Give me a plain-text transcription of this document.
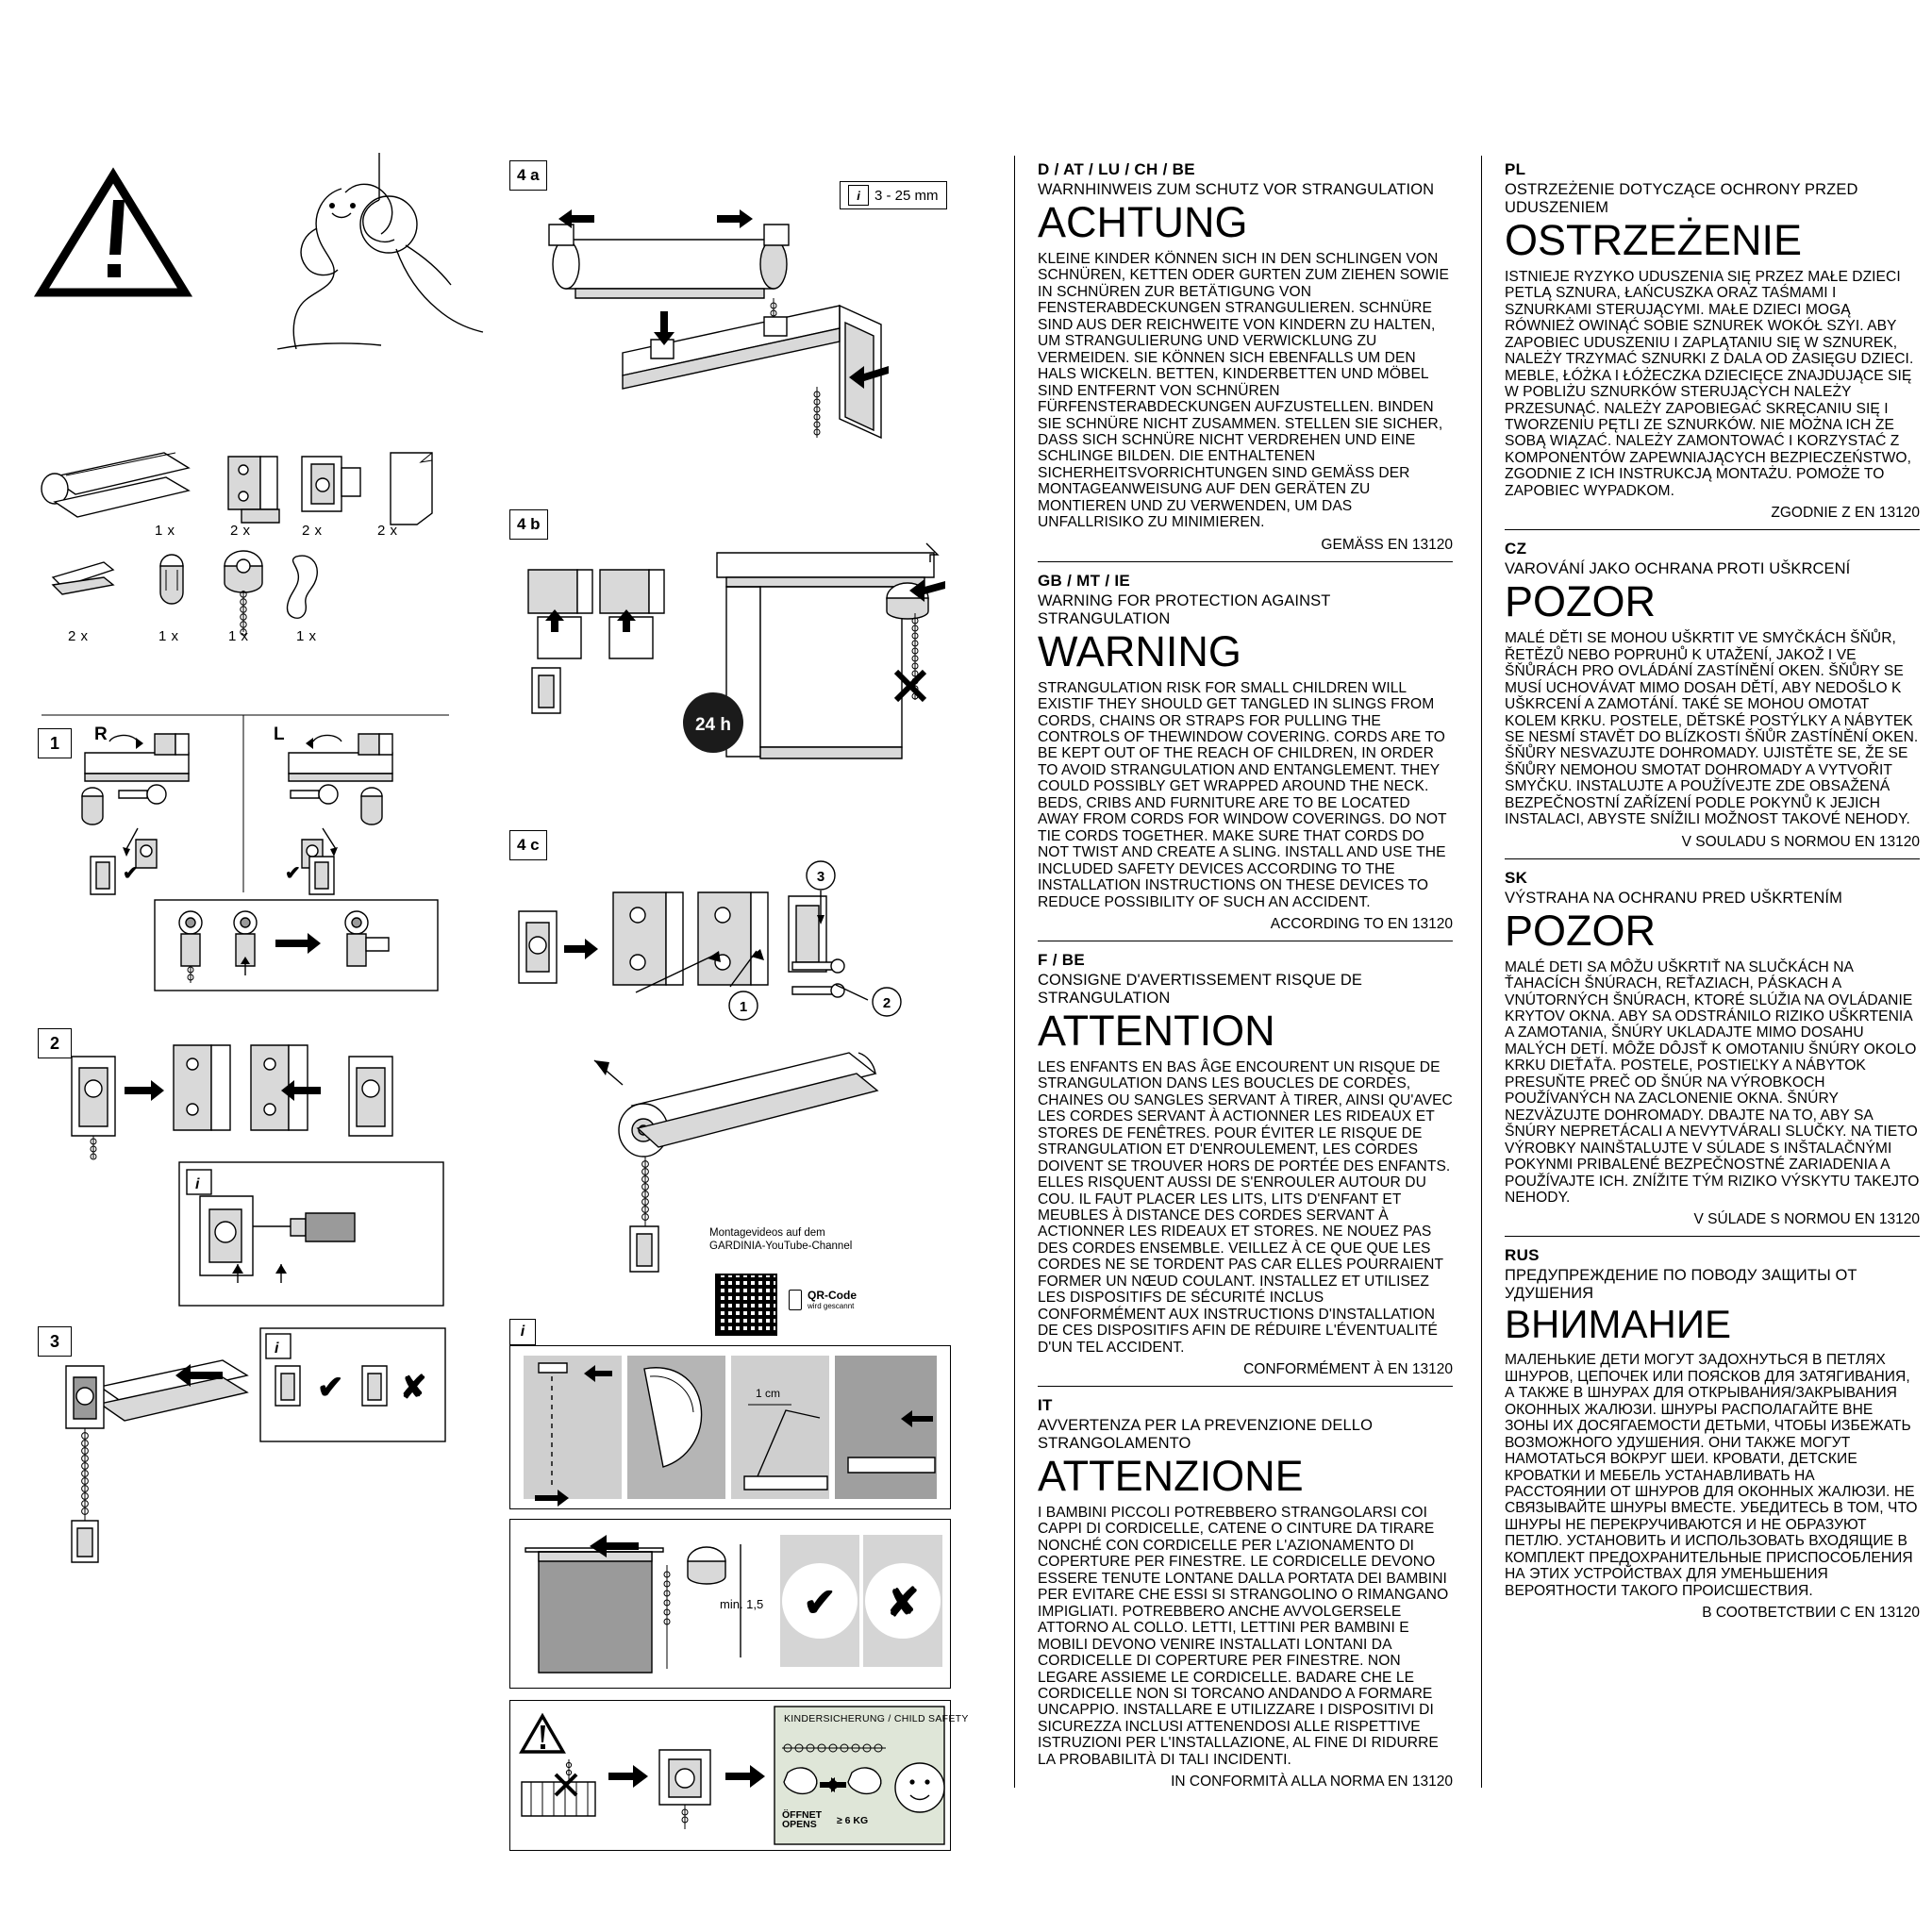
1 x	2 x	2 x	2 x
2 x	1 x	1 x	1 x
1	R	L
✔	✔
2
i
3	i
✔ ✘
4 a
i	3 - 25 mm
4 b
24 h
4 c
1	2
3
Montagevideos auf dem
GARDINIA-YouTube-Channel
QR-Code
wird gescannt
i
1 cm
min. 1,5 ✔ ✘
KINDERSICHERUNG / CHILD SAFETY
ÖFFNET
OPENS ≥ 6 KG
D / AT / LU / CH / BE
WARNHINWEIS ZUM SCHUTZ VOR STRANGULATION
ACHTUNG
KLEINE KINDER KÖNNEN SICH IN DEN SCHLINGEN VON SCHNÜREN, KETTEN ODER GURTEN ZUM ZIEHEN SOWIE IN SCHNÜREN ZUR BETÄTIGUNG VON FENSTERABDECKUNGEN STRANGULIEREN. SCHNÜRE SIND AUS DER REICHWEITE VON KINDERN ZU HALTEN, UM STRANGULIERUNG UND VERWICKLUNG ZU VERMEIDEN. SIE KÖNNEN SICH EBENFALLS UM DEN HALS WICKELN. BETTEN, KINDERBETTEN UND MÖBEL SIND ENTFERNT VON SCHNÜREN FÜRFENSTERABDECKUNGEN AUFZUSTELLEN. BINDEN SIE SCHNÜRE NICHT ZUSAMMEN. STELLEN SIE SICHER, DASS SICH SCHNÜRE NICHT VERDREHEN UND EINE SCHLINGE BILDEN. DIE ENTHALTENEN SICHERHEITSVORRICHTUNGEN SIND GEMÄSS DER MONTAGEANWEISUNG AUF DEN GERÄTEN ZU MONTIEREN UND ZU VERWENDEN, UM DAS UNFALLRISIKO ZU MINIMIEREN.
GEMÄSS EN 13120
GB / MT / IE
WARNING FOR PROTECTION AGAINST STRANGULATION
WARNING
STRANGULATION RISK FOR SMALL CHILDREN WILL EXISTIF THEY SHOULD GET TANGLED IN SLINGS FROM CORDS, CHAINS OR STRAPS FOR PULLING THE CONTROLS OF THEWINDOW COVERING. CORDS ARE TO BE KEPT OUT OF THE REACH OF CHILDREN, IN ORDER TO AVOID STRANGULATION AND ENTANGLEMENT. THEY COULD POSSIBLY GET WRAPPED AROUND THE NECK. BEDS, CRIBS AND FURNITURE ARE TO BE LOCATED AWAY FROM CORDS FOR WINDOW COVERINGS. DO NOT TIE CORDS TOGETHER. MAKE SURE THAT CORDS DO NOT TWIST AND CREATE A SLING. INSTALL AND USE THE INCLUDED SAFETY DEVICES ACCORDING TO THE INSTALLATION INSTRUCTIONS ON THESE DEVICES TO REDUCE POSSIBILITY OF SUCH AN ACCIDENT.
ACCORDING TO EN 13120
F / BE
CONSIGNE D'AVERTISSEMENT RISQUE DE STRANGULATION
ATTENTION
LES ENFANTS EN BAS ÂGE ENCOURENT UN RISQUE DE STRANGULATION DANS LES BOUCLES DE CORDES, CHAINES OU SANGLES SERVANT À TIRER, AINSI QU'AVEC LES CORDES SERVANT À ACTIONNER LES RIDEAUX ET STORES DE FENÊTRES. POUR ÉVITER LE RISQUE DE STRANGULATION ET D'ENROULEMENT, LES CORDES DOIVENT SE TROUVER HORS DE PORTÉE DES ENFANTS. ELLES RISQUENT AUSSI DE S'ENROULER AUTOUR DU COU. IL FAUT PLACER LES LITS, LITS D'ENFANT ET MEUBLES À DISTANCE DES CORDES SERVANT À ACTIONNER LES RIDEAUX ET STORES. NE NOUEZ PAS DES CORDES ENSEMBLE. VEILLEZ À CE QUE QUE LES CORDES NE SE TORDENT PAS CAR ELLES POURRAIENT FORMER UN NŒUD COULANT. INSTALLEZ ET UTILISEZ LES DISPOSITIFS DE SÉCURITÉ INCLUS CONFORMÉMENT AUX INSTRUCTIONS D'INSTALLATION DE CES DISPOSITIFS AFIN DE RÉDUIRE L'ÉVENTUALITÉ D'UN TEL ACCIDENT.
CONFORMÉMENT À EN 13120
IT
AVVERTENZA PER LA PREVENZIONE DELLO STRANGOLAMENTO
ATTENZIONE
I BAMBINI PICCOLI POTREBBERO STRANGOLARSI COI CAPPI DI CORDICELLE, CATENE O CINTURE DA TIRARE NONCHÉ CON CORDICELLE PER L'AZIONAMENTO DI COPERTURE PER FINESTRE. LE CORDICELLE DEVONO ESSERE TENUTE LONTANE DALLA PORTATA DEI BAMBINI PER EVITARE CHE ESSI SI STRANGOLINO O RIMANGANO IMPIGLIATI. POTREBBERO ANCHE AVVOLGERSELE ATTORNO AL COLLO. LETTI, LETTINI PER BAMBINI E MOBILI DEVONO VENIRE INSTALLATI LONTANI DA CORDICELLE DI COPERTURE PER FINESTRE. NON LEGARE ASSIEME LE CORDICELLE. BADARE CHE LE CORDICELLE NON SI TORCANO ANDANDO A FORMARE UNCAPPIO. INSTALLARE E UTILIZZARE I DISPOSITIVI DI SICUREZZA INCLUSI ATTENENDOSI ALLE RISPETTIVE ISTRUZIONI PER L'INSTALLAZIONE, AL FINE DI RIDURRE LA PROBABILITÀ DI TALI INCIDENTI.
IN CONFORMITÀ ALLA NORMA EN 13120
PL
OSTRZEŻENIE DOTYCZĄCE OCHRONY PRZED UDUSZENIEM
OSTRZEŻENIE
ISTNIEJE RYZYKO UDUSZENIA SIĘ PRZEZ MAŁE DZIECI PETLĄ SZNURA, ŁAŃCUSZKA ORAZ TAŚMAMI I SZNURKAMI STERUJĄCYMI. MAŁE DZIECI MOGĄ RÓWNIEŻ OWINĄĆ SOBIE SZNUREK WOKÓŁ SZYI. ABY ZAPOBIEC UDUSZENIU I ZAPLĄTANIU SIĘ W SZNUREK, NALEŻY TRZYMAĆ SZNURKI Z DALA OD ZASIĘGU DZIECI. MEBLE, ŁÓŻKA I ŁÓŻECZKA DZIECIĘCE ZNAJDUJĄCE SIĘ W POBLIŻU SZNURKÓW STERUJĄCYCH NALEŻY PRZESUNĄĆ. NALEŻY ZAPOBIEGAĆ SKRĘCANIU SIĘ I TWORZENIU PĘTLI ZE SZNURKÓW. NIE MOŻNA ICH ZE SOBĄ WIĄZAĆ. NALEŻY ZAMONTOWAĆ I KORZYSTAĆ Z KOMPONENTÓW ZAPEWNIAJĄCYCH BEZPIECZEŃSTWO, ZGODNIE Z ICH INSTRUKCJĄ MONTAŻU. POMOŻE TO ZAPOBIEC WYPADKOM.
ZGODNIE Z EN 13120
CZ
VAROVÁNÍ JAKO OCHRANA PROTI UŠKRCENÍ
POZOR
MALÉ DĚTI SE MOHOU UŠKRTIT VE SMYČKÁCH ŠŇŮR, ŘETĚZŮ NEBO POPRUHŮ K UTAŽENÍ, JAKOŽ I VE ŠŇŮRÁCH PRO OVLÁDÁNÍ ZASTÍNĚNÍ OKEN. ŠŇŮRY SE MUSÍ UCHOVÁVAT MIMO DOSAH DĚTÍ, ABY NEDOŠLO K UŠKRCENÍ A ZAMOTÁNÍ. TAKÉ SE MOHOU OMOTAT KOLEM KRKU. POSTELE, DĚTSKÉ POSTÝLKY A NÁBYTEK SE NESMÍ STAVĚT DO BLÍZKOSTI ŠŇŮR ZASTÍNĚNÍ OKEN. ŠŇŮRY NESVAZUJTE DOHROMADY. UJISTĚTE SE, ŽE SE ŠŇŮRY NEMOHOU SMOTAT DOHROMADY A VYTVOŘIT SMYČKU. INSTALUJTE A POUŽÍVEJTE ZDE OBSAŽENÁ BEZPEČNOSTNÍ ZAŘÍZENÍ PODLE POKYNŮ K JEJICH INSTALACI, ABYSTE SNÍŽILI MOŽNOST TAKOVÉ NEHODY.
V SOULADU S NORMOU EN 13120
SK
VÝSTRAHA NA OCHRANU PRED UŠKRTENÍM
POZOR
MALÉ DETI SA MÔŽU UŠKRTIŤ NA SLUČKÁCH NA ŤAHACÍCH ŠNÚRACH, REŤAZIACH, PÁSKACH A VNÚTORNÝCH ŠNÚRACH, KTORÉ SLÚŽIA NA OVLÁDANIE KRYTOV OKNA. ABY SA ODSTRÁNILO RIZIKO UŠKRTENIA A ZAMOTANIA, ŠNÚRY UKLADAJTE MIMO DOSAHU MALÝCH DETÍ. MÔŽE DÔJSŤ K OMOTANIU ŠNÚRY OKOLO KRKU DIEŤAŤA. POSTELE, POSTIEĽKY A NÁBYTOK PRESUŇTE PREČ OD ŠNÚR NA VÝROBKOCH POUŽÍVANÝCH NA ZACLONENIE OKNA. ŠNÚRY NEZVÄZUJTE DOHROMADY. DBAJTE NA TO, ABY SA ŠNÚRY NEPRETÁCALI A NEVYTVÁRALI SLUČKY. NA TIETO VÝROBKY NAINŠTALUJTE V SÚLADE S INŠTALAČNÝMI POKYNMI PRIBALENÉ BEZPEČNOSTNÉ ZARIADENIA A POUŽÍVAJTE ICH. ZNÍŽITE TÝM RIZIKO VÝSKYTU TAKEJTO NEHODY.
V SÚLADE S NORMOU EN 13120
RUS
ПРЕДУПРЕЖДЕНИЕ ПО ПОВОДУ ЗАЩИТЫ ОТ УДУШЕНИЯ
ВНИМАНИЕ
МАЛЕНЬКИЕ ДЕТИ МОГУТ ЗАДОХНУТЬСЯ В ПЕТЛЯХ ШНУРОВ, ЦЕПОЧЕК ИЛИ ПОЯСКОВ ДЛЯ ЗАТЯГИВАНИЯ, А ТАКЖЕ В ШНУРАХ ДЛЯ ОТКРЫВАНИЯ/ЗАКРЫВАНИЯ ОКОННЫХ ЖАЛЮЗИ. ШНУРЫ РАСПОЛАГАЙТЕ ВНЕ ЗОНЫ ИХ ДОСЯГАЕМОСТИ ДЕТЬМИ, ЧТОБЫ ИЗБЕЖАТЬ ВОЗМОЖНОГО УДУШЕНИЯ. ОНИ ТАКЖЕ МОГУТ НАМОТАТЬСЯ ВОКРУГ ШЕИ. КРОВАТИ, ДЕТСКИЕ КРОВАТКИ И МЕБЕЛЬ УСТАНАВЛИВАТЬ НА РАССТОЯНИИ ОТ ШНУРОВ ДЛЯ ОКОННЫХ ЖАЛЮЗИ. НЕ СВЯЗЫВАЙТЕ ШНУРЫ ВМЕСТЕ. УБЕДИТЕСЬ В ТОМ, ЧТО ШНУРЫ НЕ ПЕРЕКРУЧИВАЮТСЯ И НЕ ОБРАЗУЮТ ПЕТЛЮ. УСТАНОВИТЬ И ИСПОЛЬЗОВАТЬ ВХОДЯЩИЕ В КОМПЛЕКТ ПРЕДОХРАНИТЕЛЬНЫЕ ПРИСПОСОБЛЕНИЯ НА ЭТИХ УСТРОЙСТВАХ ДЛЯ УМЕНЬШЕНИЯ ВЕРОЯТНОСТИ ТАКОГО ПРОИСШЕСТВИЯ.
В СООТВЕТСТВИИ С EN 13120
